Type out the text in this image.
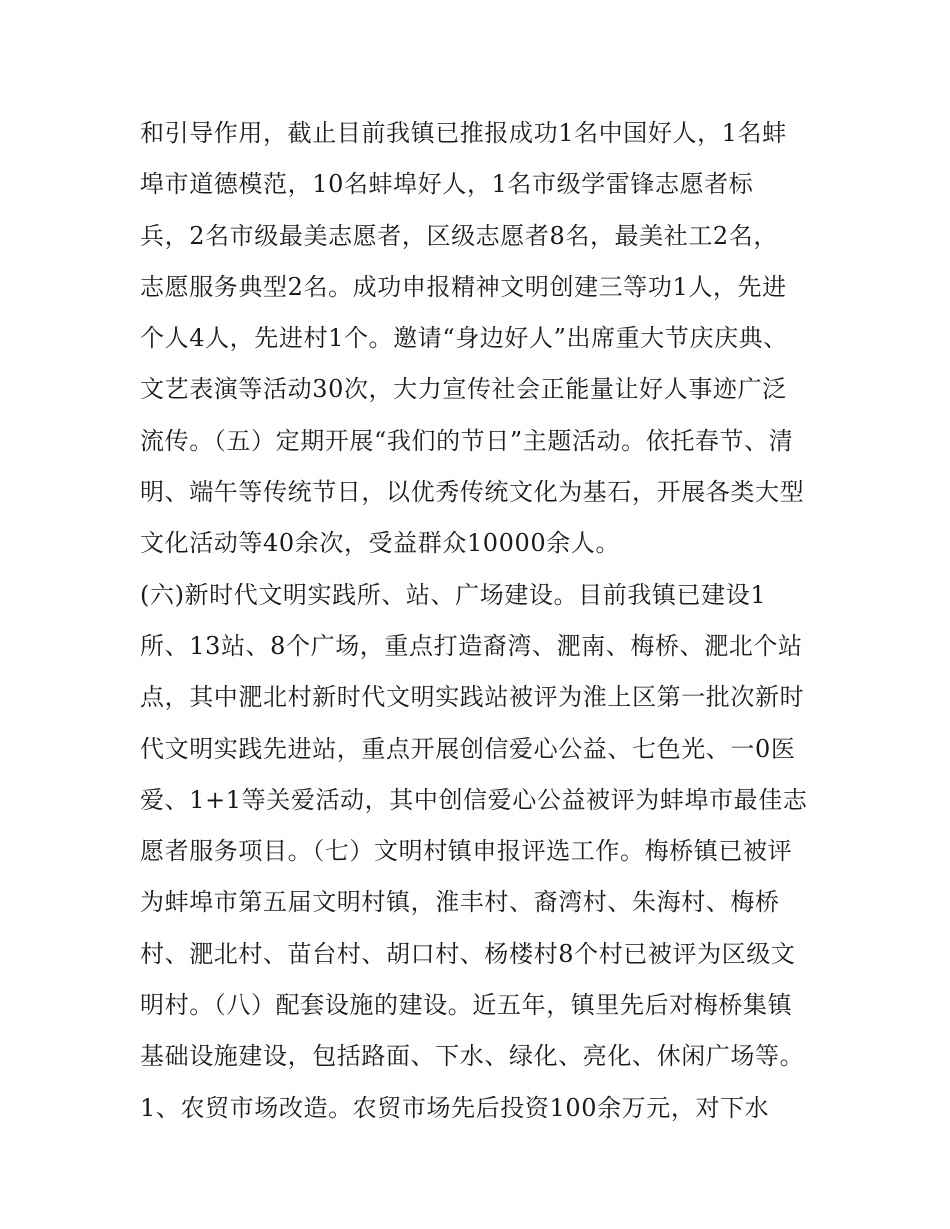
和引导作用，截止目前我镇已推报成功1名中国好人，1名蚌
埠市道德模范，10名蚌埠好人，1名市级学雷锋志愿者标
兵，2名市级最美志愿者，区级志愿者8名，最美社工2名，
志愿服务典型2名。成功申报精神文明创建三等功1人，先进
个人4人，先进村1个。邀请“身边好人”出席重大节庆庆典、
文艺表演等活动30次，大力宣传社会正能量让好人事迹广泛
流传。（五）定期开展“我们的节日”主题活动。依托春节、清
明、端午等传统节日，以优秀传统文化为基石，开展各类大型
文化活动等40余次，受益群众10000余人。
(六)新时代文明实践所、站、广场建设。目前我镇已建设1
所、13站、8个广场，重点打造裔湾、淝南、梅桥、淝北个站
点，其中淝北村新时代文明实践站被评为淮上区第一批次新时
代文明实践先进站，重点开展创信爱心公益、七色光、一0医
爱、1+1等关爱活动，其中创信爱心公益被评为蚌埠市最佳志
愿者服务项目。（七）文明村镇申报评选工作。梅桥镇已被评
为蚌埠市第五届文明村镇，淮丰村、裔湾村、朱海村、梅桥
村、淝北村、苗台村、胡口村、杨楼村8个村已被评为区级文
明村。（八）配套设施的建设。近五年，镇里先后对梅桥集镇
基础设施建设，包括路面、下水、绿化、亮化、休闲广场等。
1、农贸市场改造。农贸市场先后投资100余万元，对下水
